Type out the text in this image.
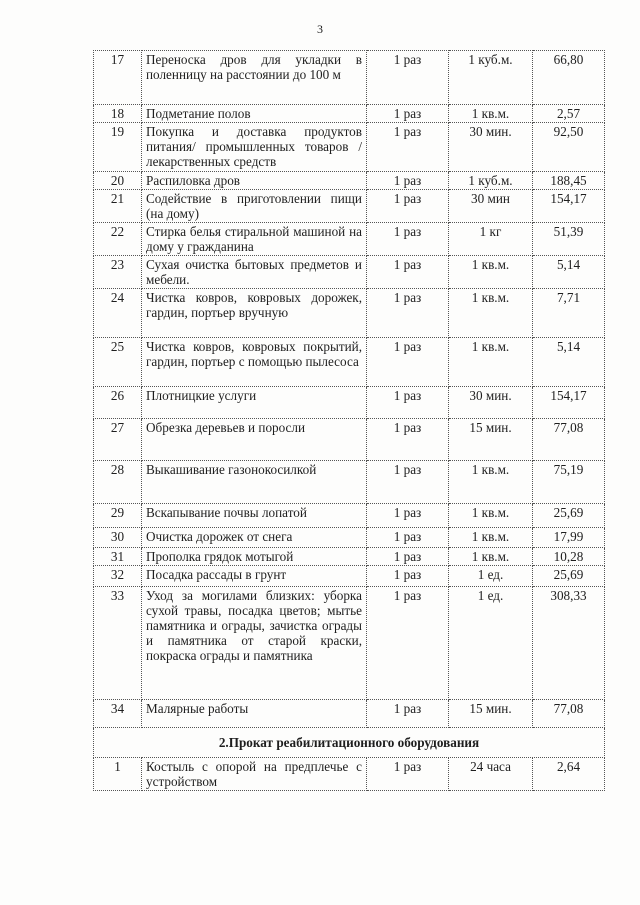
3
17	Переноска дров для укладки в поленницу на расстоянии до 100 м	1 раз	1 куб.м.	66,80
18	Подметание полов	1 раз	1 кв.м.	2,57
19	Покупка и доставка продуктов питания/ промышленных товаров / лекарственных средств	1 раз	30 мин.	92,50
20	Распиловка дров	1 раз	1 куб.м.	188,45
21	Содействие в приготовлении пищи (на дому)	1 раз	30 мин	154,17
22	Стирка белья стиральной машиной на дому у гражданина	1 раз	1 кг	51,39
23	Сухая очистка бытовых предметов и мебели.	1 раз	1 кв.м.	5,14
24	Чистка ковров, ковровых дорожек, гардин, портьер вручную	1 раз	1 кв.м.	7,71
25	Чистка ковров, ковровых покрытий, гардин, портьер с помощью пылесоса	1 раз	1 кв.м.	5,14
26	Плотницкие услуги	1 раз	30 мин.	154,17
27	Обрезка деревьев и поросли	1 раз	15 мин.	77,08
28	Выкашивание газонокосилкой	1 раз	1 кв.м.	75,19
29	Вскапывание почвы лопатой	1 раз	1 кв.м.	25,69
30	Очистка дорожек от снега	1 раз	1 кв.м.	17,99
31	Прополка грядок мотыгой	1 раз	1 кв.м.	10,28
32	Посадка рассады в грунт	1 раз	1 ед.	25,69
33	Уход за могилами близких: уборка сухой травы, посадка цветов; мытье памятника и ограды, зачистка ограды и памятника от старой краски, покраска ограды и памятника	1 раз	1 ед.	308,33
34	Малярные работы	1 раз	15 мин.	77,08
2.Прокат реабилитационного оборудования				
1	Костыль с опорой на предплечье с устройством	1 раз	24 часа	2,64
